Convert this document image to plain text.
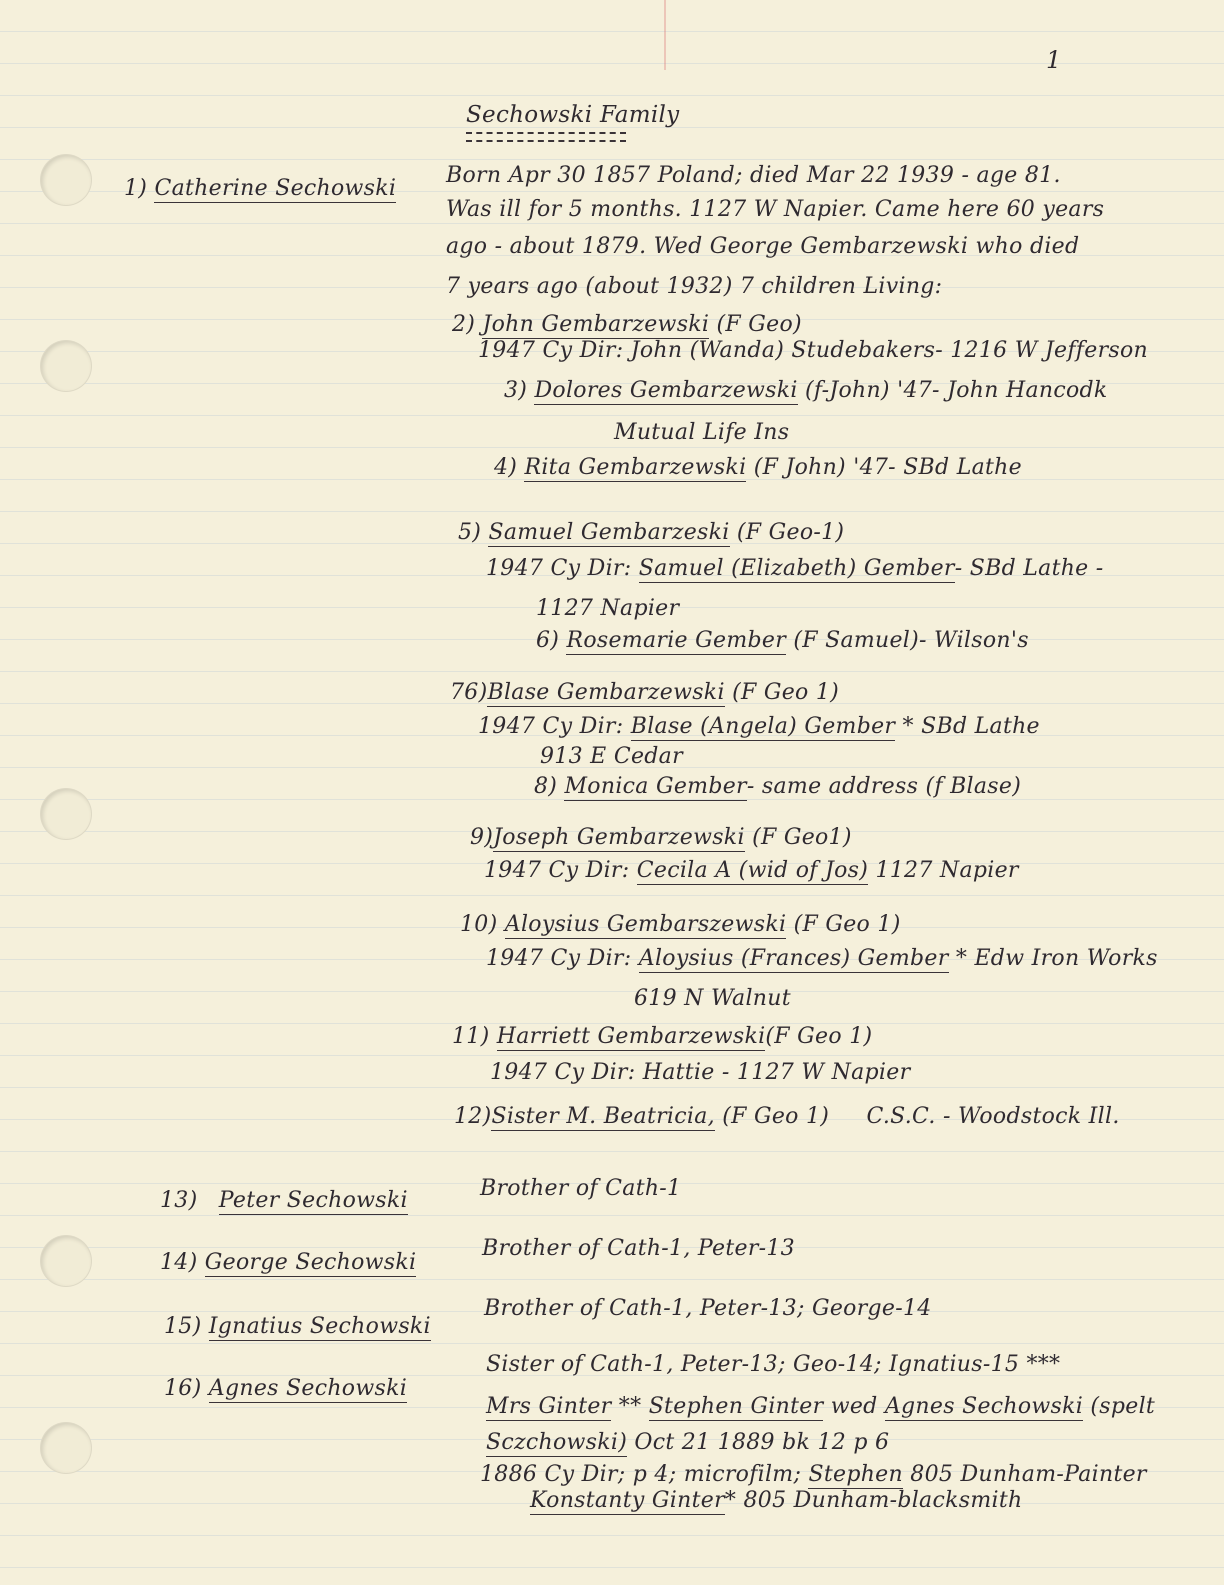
1
Sechowski Family
1) Catherine Sechowski
Born Apr 30 1857 Poland; died Mar 22 1939 - age 81.
Was ill for 5 months. 1127 W Napier. Came here 60 years
ago - about 1879. Wed George Gembarzewski who died
7 years ago (about 1932) 7 children Living:
2) John Gembarzewski (F Geo)
1947 Cy Dir: John (Wanda) Studebakers- 1216 W Jefferson
3) Dolores Gembarzewski (f-John) '47- John Hancodk
Mutual Life Ins
4) Rita Gembarzewski (F John) '47- SBd Lathe
5) Samuel Gembarzeski (F Geo-1)
1947 Cy Dir: Samuel (Elizabeth) Gember- SBd Lathe -
1127 Napier
6) Rosemarie Gember (F Samuel)- Wilson's
76)Blase Gembarzewski (F Geo 1)
1947 Cy Dir: Blase (Angela) Gember * SBd Lathe
913 E Cedar
8) Monica Gember- same address (f Blase)
9)Joseph Gembarzewski (F Geo1)
1947 Cy Dir: Cecila A (wid of Jos) 1127 Napier
10) Aloysius Gembarszewski (F Geo 1)
1947 Cy Dir: Aloysius (Frances) Gember * Edw Iron Works
619 N Walnut
11) Harriett Gembarzewski(F Geo 1)
1947 Cy Dir: Hattie - 1127 W Napier
12)Sister M. Beatricia, (F Geo 1) C.S.C. - Woodstock Ill.
13) Peter Sechowski	Brother of Cath-1
14) George Sechowski
Brother of Cath-1, Peter-13
15) Ignatius Sechowski
Brother of Cath-1, Peter-13; George-14
16) Agnes Sechowski
Sister of Cath-1, Peter-13; Geo-14; Ignatius-15 ***
Mrs Ginter ** Stephen Ginter wed Agnes Sechowski (spelt
Sczchowski) Oct 21 1889 bk 12 p 6
1886 Cy Dir; p 4; microfilm; Stephen 805 Dunham-Painter
Konstanty Ginter* 805 Dunham-blacksmith
